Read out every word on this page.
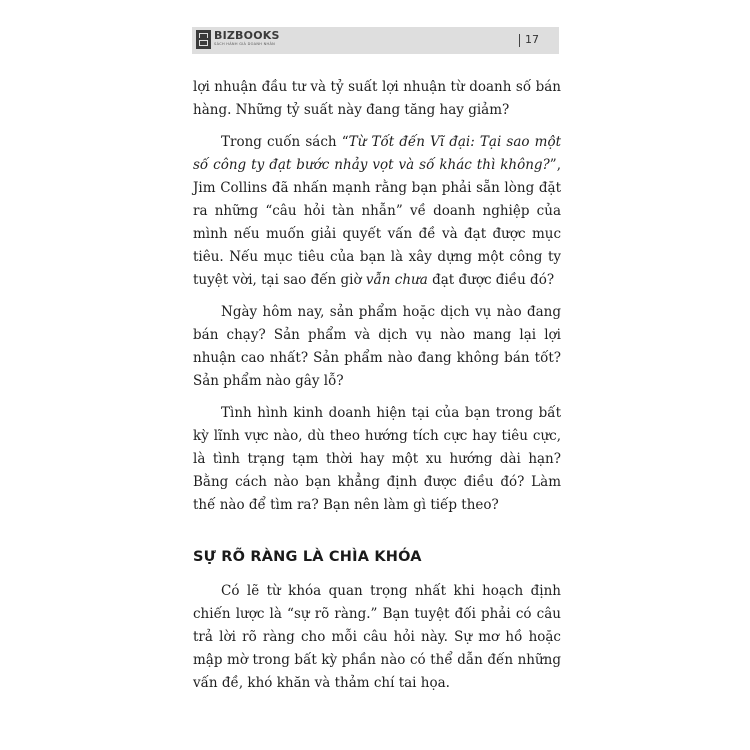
BIZBOOKS
SÁCH HÀNH GIÁ DOANH NHÂN	17

lợi nhuận đầu tư và tỷ suất lợi nhuận từ doanh số bán hàng. Những tỷ suất này đang tăng hay giảm?

Trong cuốn sách “Từ Tốt đến Vĩ đại: Tại sao một số công ty đạt bước nhảy vọt và số khác thì không?”, Jim Collins đã nhấn mạnh rằng bạn phải sẵn lòng đặt ra những “câu hỏi tàn nhẫn” về doanh nghiệp của mình nếu muốn giải quyết vấn đề và đạt được mục tiêu. Nếu mục tiêu của bạn là xây dựng một công ty tuyệt vời, tại sao đến giờ vẫn chưa đạt được điều đó?

Ngày hôm nay, sản phẩm hoặc dịch vụ nào đang bán chạy? Sản phẩm và dịch vụ nào mang lại lợi nhuận cao nhất? Sản phẩm nào đang không bán tốt? Sản phẩm nào gây lỗ?

Tình hình kinh doanh hiện tại của bạn trong bất kỳ lĩnh vực nào, dù theo hướng tích cực hay tiêu cực, là tình trạng tạm thời hay một xu hướng dài hạn? Bằng cách nào bạn khẳng định được điều đó? Làm thế nào để tìm ra? Bạn nên làm gì tiếp theo?

SỰ RÕ RÀNG LÀ CHÌA KHÓA

Có lẽ từ khóa quan trọng nhất khi hoạch định chiến lược là “sự rõ ràng.” Bạn tuyệt đối phải có câu trả lời rõ ràng cho mỗi câu hỏi này. Sự mơ hồ hoặc mập mờ trong bất kỳ phần nào có thể dẫn đến những vấn đề, khó khăn và thảm chí tai họa.
